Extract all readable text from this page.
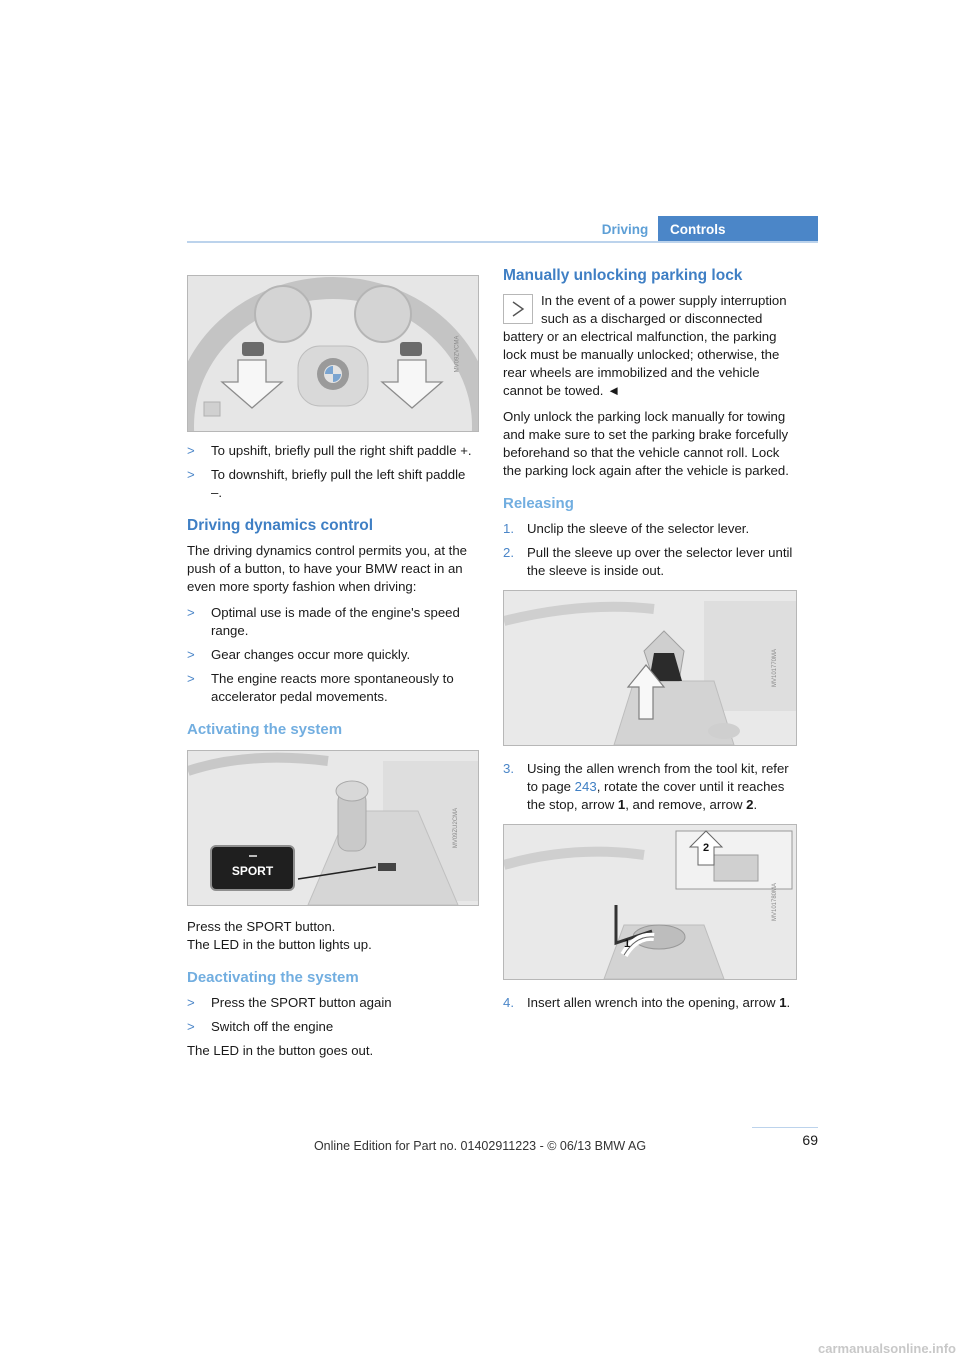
Driving	Controls
MV09ZVCMA
> To upshift, briefly pull the right shift paddle +.
> To downshift, briefly pull the left shift paddle –.
Driving dynamics control

The driving dynamics control permits you, at the push of a button, to have your BMW react in an even more sporty fashion when driving:

> Optimal use is made of the engine's speed range.
> Gear changes occur more quickly.
> The engine reacts more spontaneously to accelerator pedal movements.
Activating the system
SPORT
MV09ZU2CMA

Press the SPORT button.

The LED in the button lights up.

Deactivating the system
> Press the SPORT button again
> Switch off the engine

The LED in the button goes out.

Manually unlocking parking lock

In the event of a power supply interruption such as a discharged or disconnected battery or an electrical malfunction, the parking lock must be manually unlocked; otherwise, the rear wheels are immobilized and the vehicle cannot be towed. ◄

Only unlock the parking lock manually for towing and make sure to set the parking brake forcefully beforehand so that the vehicle cannot roll. Lock the parking lock again after the vehicle is parked.

Releasing
1. Unclip the sleeve of the selector lever.
2. Pull the sleeve up over the selector lever until the sleeve is inside out.
MV101770MA
3. Using the allen wrench from the tool kit, refer to page 243, rotate the cover until it reaches the stop, arrow 1, and remove, arrow 2.
1
2
MV101780MA
4. Insert allen wrench into the opening, arrow 1.
69
Online Edition for Part no. 01402911223 - © 06/13 BMW AG
carmanualsonline.info
